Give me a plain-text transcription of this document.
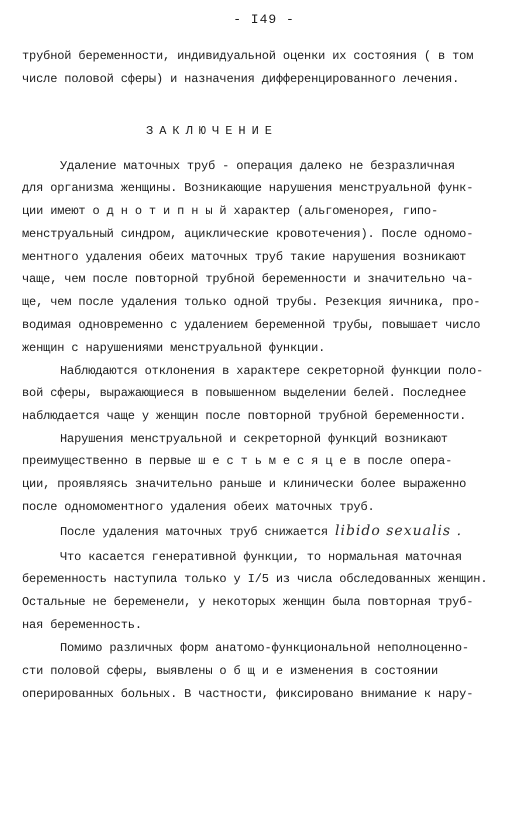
- I49 -
трубной беременности, индивидуальной оценки их состояния ( в том
числе половой сферы) и назначения дифференцированного лечения.
ЗАКЛЮЧЕНИЕ
Удаление маточных труб - операция далеко не безразличная
для организма женщины. Возникающие нарушения менструальной функ-
ции имеют о д н о т и п н ы й характер (альгоменорея, гипо-
менструальный синдром, ациклические кровотечения). После одномо-
ментного удаления обеих маточных труб такие нарушения возникают
чаще, чем после повторной трубной беременности и значительно ча-
ще, чем после удаления только одной трубы. Резекция яичника, про-
водимая одновременно с удалением беременной трубы, повышает число
женщин с нарушениями менструальной функции.
Наблюдаются отклонения в характере секреторной функции поло-
вой сферы, выражающиеся в повышенном выделении белей. Последнее
наблюдается чаще у женщин после повторной трубной беременности.
Нарушения менструальной и секреторной функций возникают
преимущественно в первые ш е с т ь м е с я ц е в после опера-
ции, проявляясь значительно раньше и клинически более выраженно
после одномоментного удаления обеих маточных труб.
После удаления маточных труб снижается libido sexualis .
Что касается генеративной функции, то нормальная маточная
беременность наступила только у I/5 из числа обследованных женщин.
Остальные не беременели, у некоторых женщин была повторная труб-
ная беременность.
Помимо различных форм анатомо-функциональной неполноценно-
сти половой сферы, выявлены о б щ и е изменения в состоянии
оперированных больных. В частности, фиксировано внимание к нару-
